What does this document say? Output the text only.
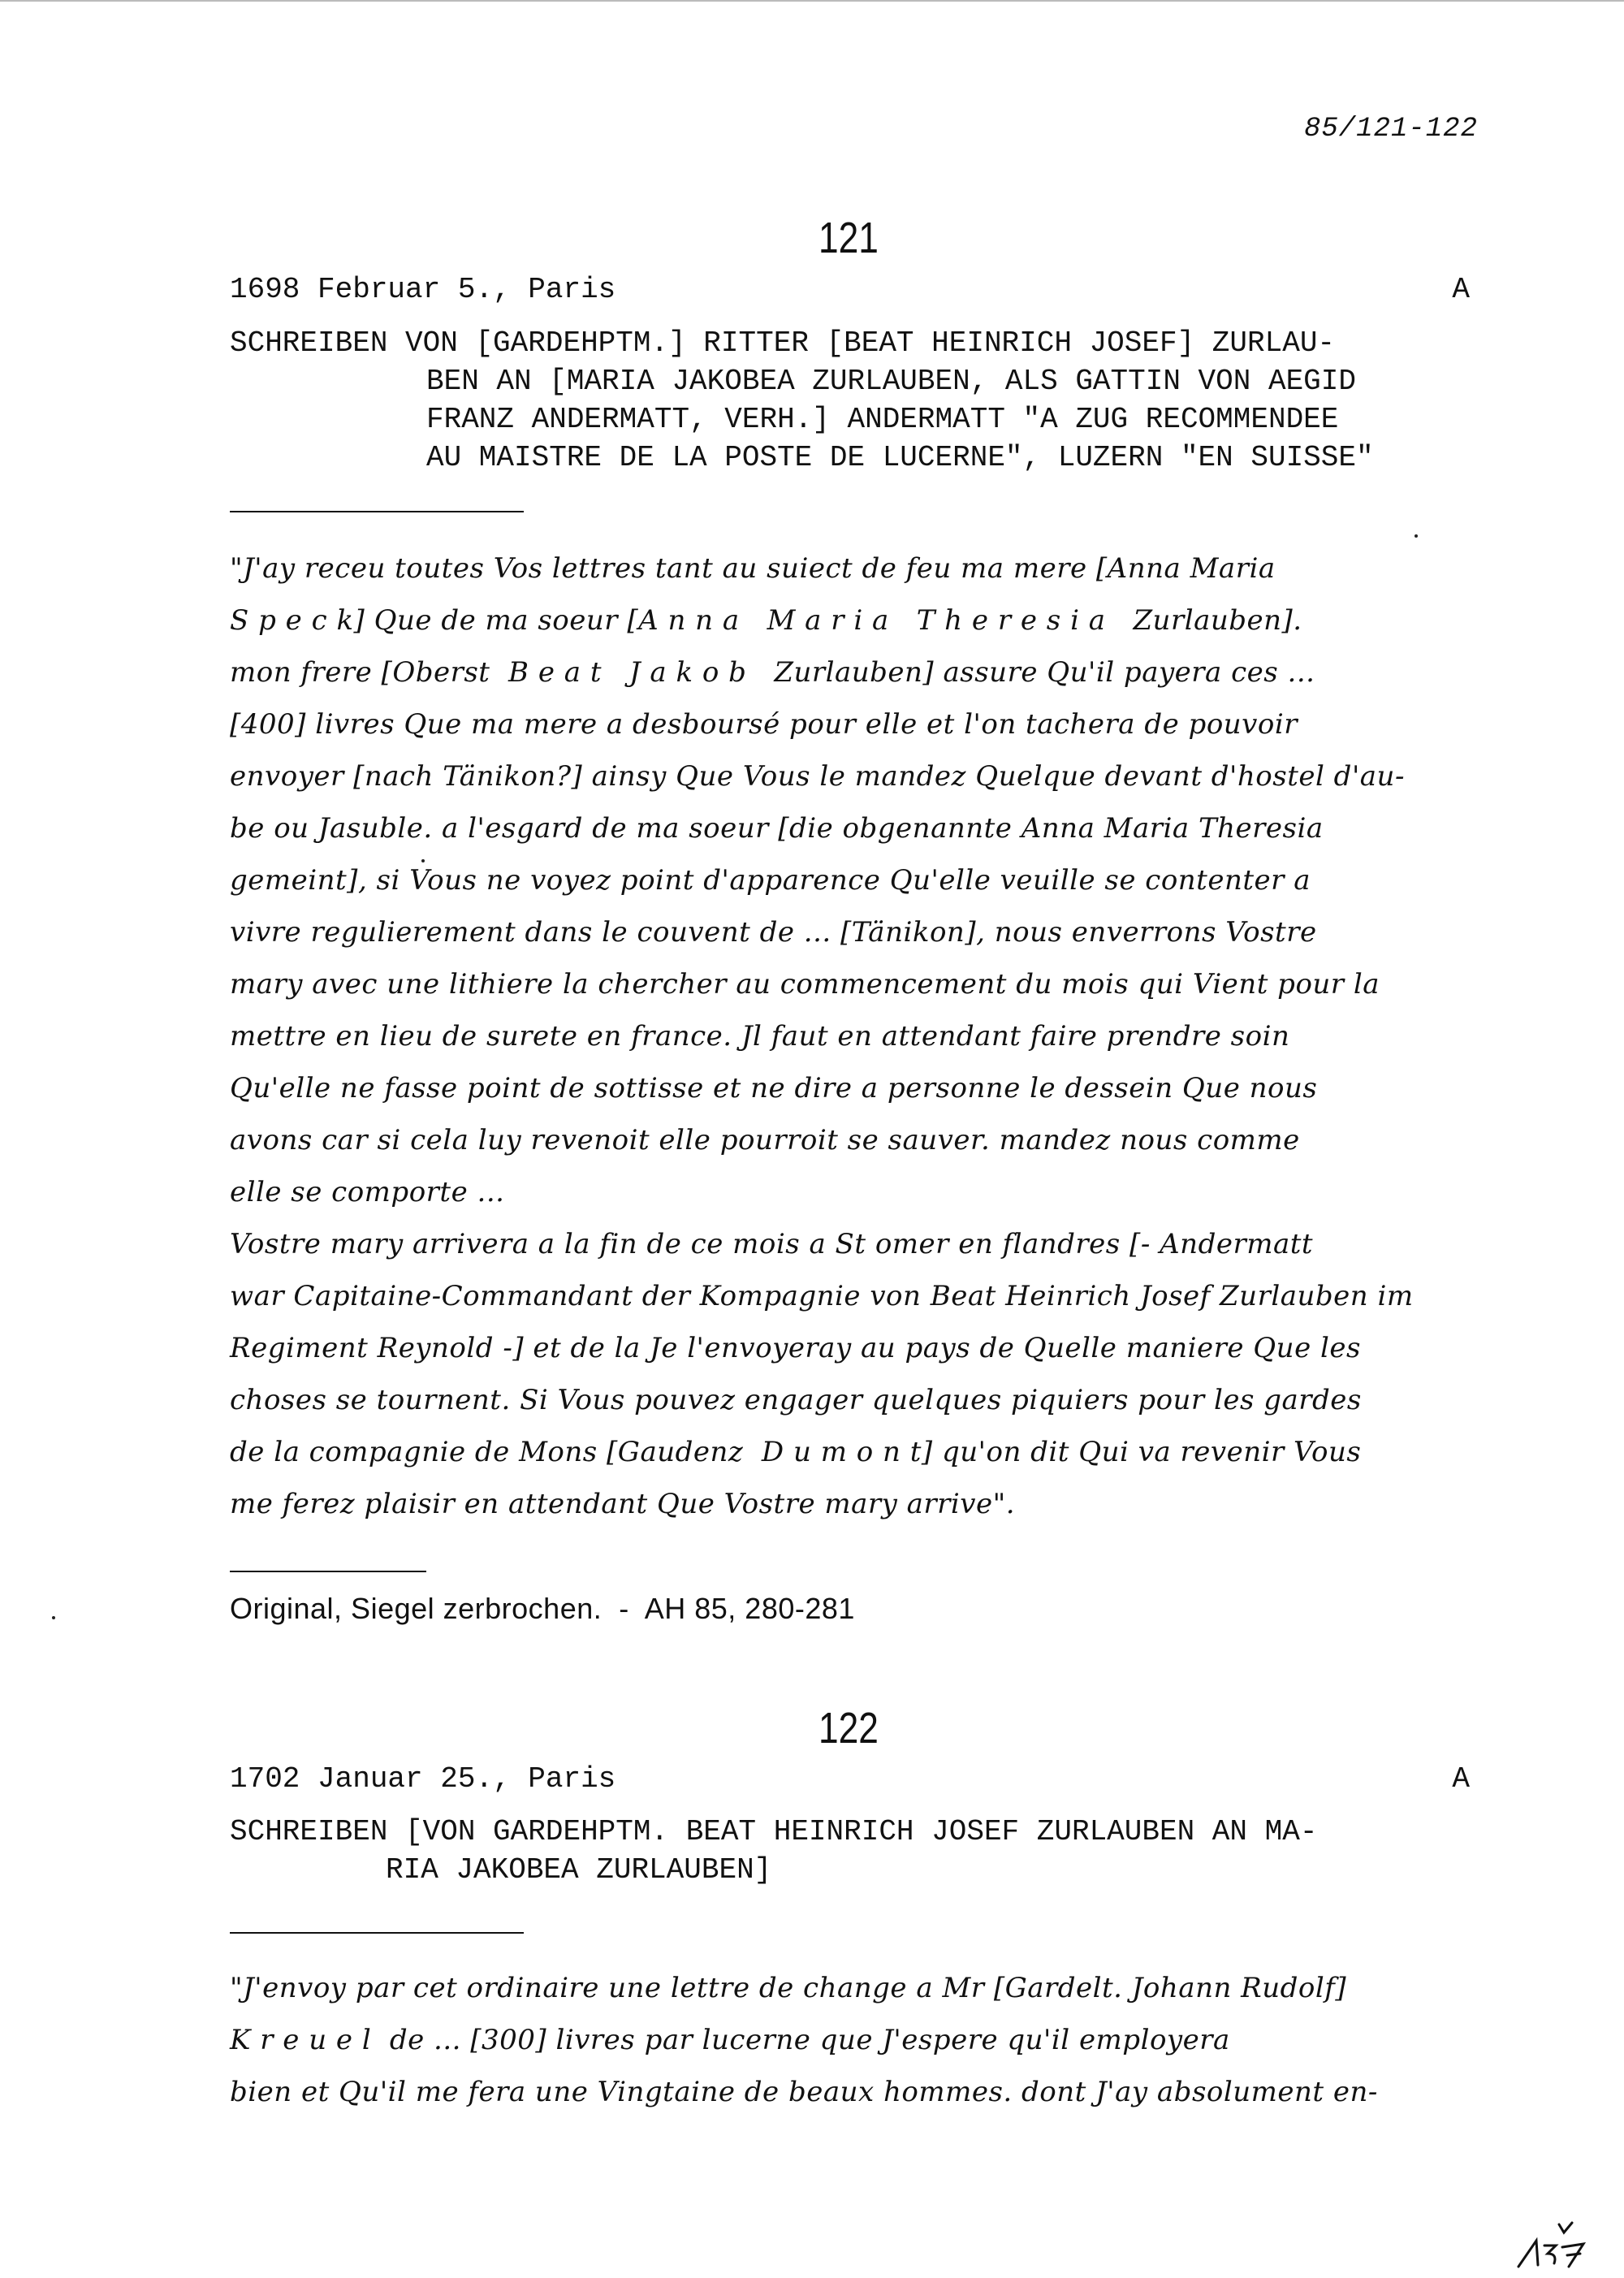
85/121-122
121
1698 Februar 5., Paris	A
SCHREIBEN VON [GARDEHPTM.] RITTER [BEAT HEINRICH JOSEF] ZURLAU-
BEN AN [MARIA JAKOBEA ZURLAUBEN, ALS GATTIN VON AEGID
FRANZ ANDERMATT, VERH.] ANDERMATT "A ZUG RECOMMENDEE
AU MAISTRE DE LA POSTE DE LUCERNE", LUZERN "EN SUISSE"
"J'ay receu toutes Vos lettres tant au suiect de feu ma mere [Anna Maria
S p e c k] Que de ma soeur [A n n a   M a r i a   T h e r e s i a   Zurlauben].
mon frere [Oberst  B e a t   J a k o b   Zurlauben] assure Qu'il payera ces ...
[400] livres Que ma mere a desboursé pour elle et l'on tachera de pouvoir
envoyer [nach Tänikon?] ainsy Que Vous le mandez Quelque devant d'hostel d'au-
be ou Jasuble. a l'esgard de ma soeur [die obgenannte Anna Maria Theresia
gemeint], si Vous ne voyez point d'apparence Qu'elle veuille se contenter a
vivre regulierement dans le couvent de ... [Tänikon], nous enverrons Vostre
mary avec une lithiere la chercher au commencement du mois qui Vient pour la
mettre en lieu de surete en france. Jl faut en attendant faire prendre soin
Qu'elle ne fasse point de sottisse et ne dire a personne le dessein Que nous
avons car si cela luy revenoit elle pourroit se sauver. mandez nous comme
elle se comporte ...
Vostre mary arrivera a la fin de ce mois a St omer en flandres [- Andermatt
war Capitaine-Commandant der Kompagnie von Beat Heinrich Josef Zurlauben im
Regiment Reynold -] et de la Je l'envoyeray au pays de Quelle maniere Que les
choses se tournent. Si Vous pouvez engager quelques piquiers pour les gardes
de la compagnie de Mons [Gaudenz  D u m o n t] qu'on dit Qui va revenir Vous
me ferez plaisir en attendant Que Vostre mary arrive".
Original, Siegel zerbrochen.  -  AH 85, 280-281
122
1702 Januar 25., Paris	A
SCHREIBEN [VON GARDEHPTM. BEAT HEINRICH JOSEF ZURLAUBEN AN MA-
RIA JAKOBEA ZURLAUBEN]
"J'envoy par cet ordinaire une lettre de change a Mr [Gardelt. Johann Rudolf]
K r e u e l  de ... [300] livres par lucerne que J'espere qu'il employera
bien et Qu'il me fera une Vingtaine de beaux hommes. dont J'ay absolument en-
